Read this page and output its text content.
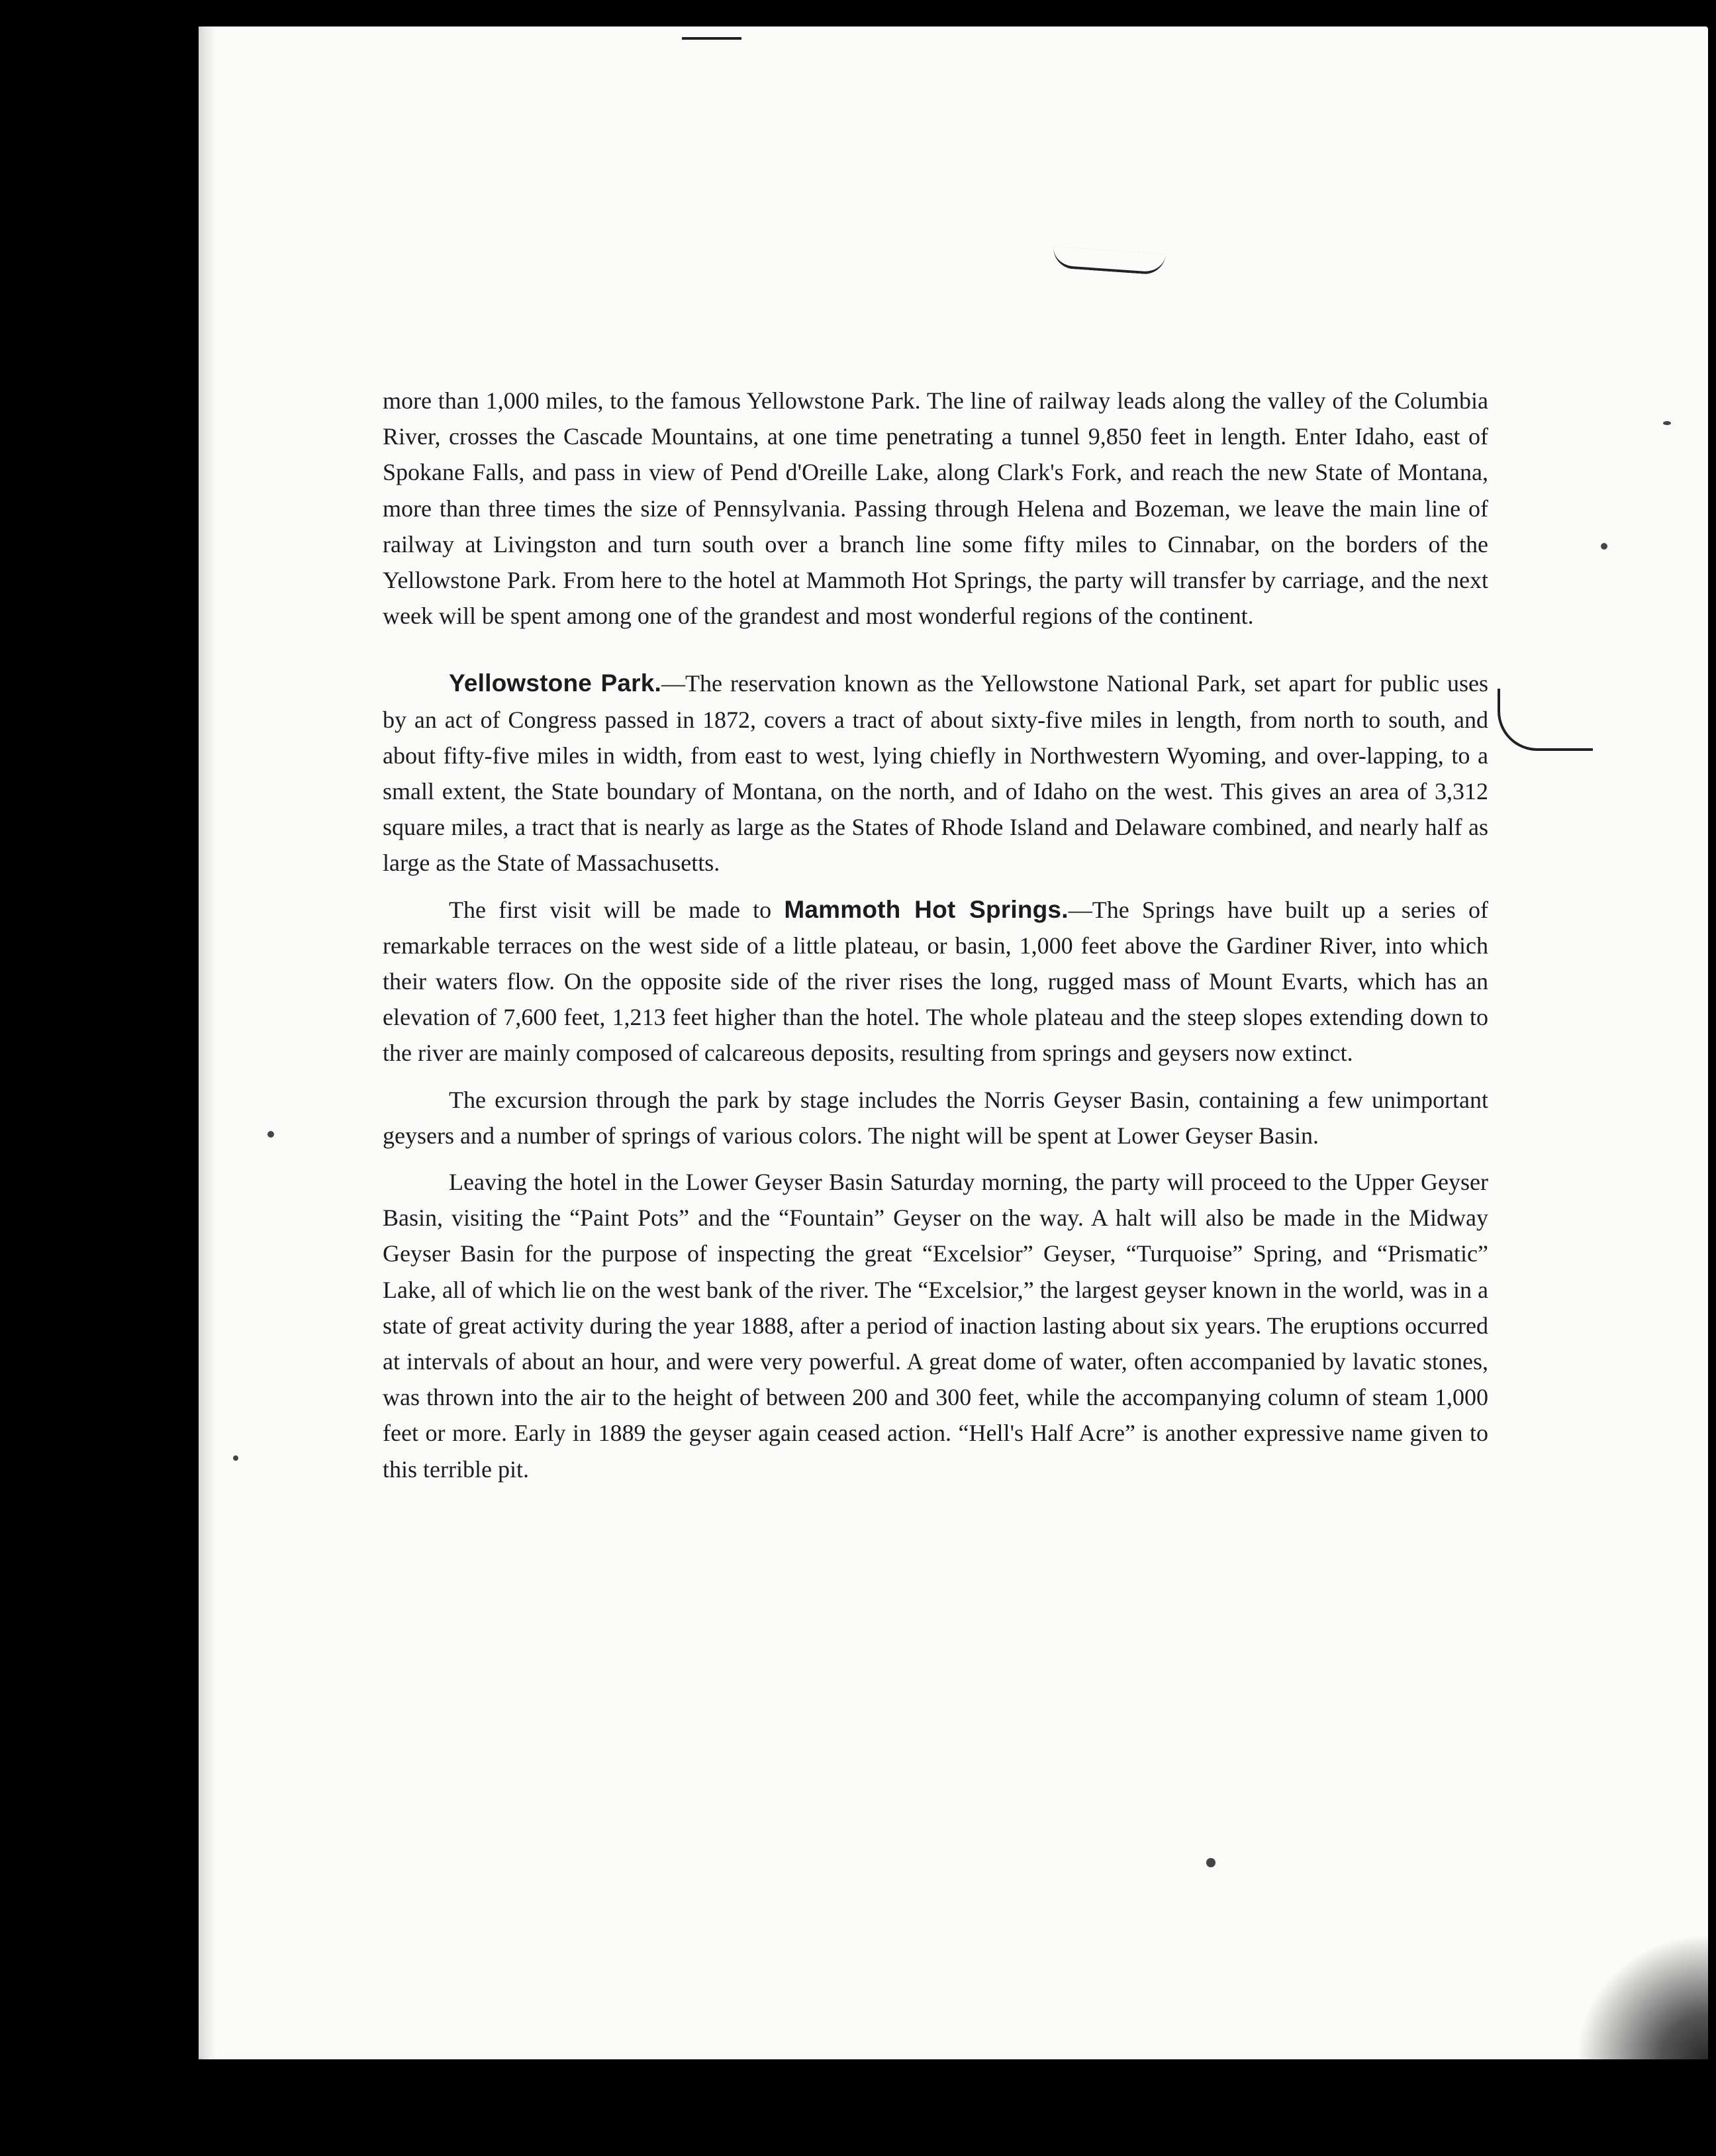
more than 1,000 miles, to the famous Yellowstone Park. The line of railway leads along the valley of the Columbia River, crosses the Cascade Mountains, at one time penetrating a tunnel 9,850 feet in length. Enter Idaho, east of Spokane Falls, and pass in view of Pend d'Oreille Lake, along Clark's Fork, and reach the new State of Montana, more than three times the size of Pennsylvania. Passing through Helena and Bozeman, we leave the main line of railway at Livingston and turn south over a branch line some fifty miles to Cinnabar, on the borders of the Yellowstone Park. From here to the hotel at Mammoth Hot Springs, the party will transfer by carriage, and the next week will be spent among one of the grandest and most wonderful regions of the continent.

Yellowstone Park.—The reservation known as the Yellowstone National Park, set apart for public uses by an act of Congress passed in 1872, covers a tract of about sixty-five miles in length, from north to south, and about fifty-five miles in width, from east to west, lying chiefly in Northwestern Wyoming, and over-lapping, to a small extent, the State boundary of Montana, on the north, and of Idaho on the west. This gives an area of 3,312 square miles, a tract that is nearly as large as the States of Rhode Island and Delaware combined, and nearly half as large as the State of Massachusetts.

The first visit will be made to Mammoth Hot Springs.—The Springs have built up a series of remarkable terraces on the west side of a little plateau, or basin, 1,000 feet above the Gardiner River, into which their waters flow. On the opposite side of the river rises the long, rugged mass of Mount Evarts, which has an elevation of 7,600 feet, 1,213 feet higher than the hotel. The whole plateau and the steep slopes extending down to the river are mainly composed of calcareous deposits, resulting from springs and geysers now extinct.

The excursion through the park by stage includes the Norris Geyser Basin, containing a few unimportant geysers and a number of springs of various colors. The night will be spent at Lower Geyser Basin.

Leaving the hotel in the Lower Geyser Basin Saturday morning, the party will proceed to the Upper Geyser Basin, visiting the “Paint Pots” and the “Fountain” Geyser on the way. A halt will also be made in the Midway Geyser Basin for the purpose of inspecting the great “Excelsior” Geyser, “Turquoise” Spring, and “Prismatic” Lake, all of which lie on the west bank of the river. The “Excelsior,” the largest geyser known in the world, was in a state of great activity during the year 1888, after a period of inaction lasting about six years. The eruptions occurred at intervals of about an hour, and were very powerful. A great dome of water, often accompanied by lavatic stones, was thrown into the air to the height of between 200 and 300 feet, while the accompanying column of steam 1,000 feet or more. Early in 1889 the geyser again ceased action. “Hell's Half Acre” is another expressive name given to this terrible pit.
